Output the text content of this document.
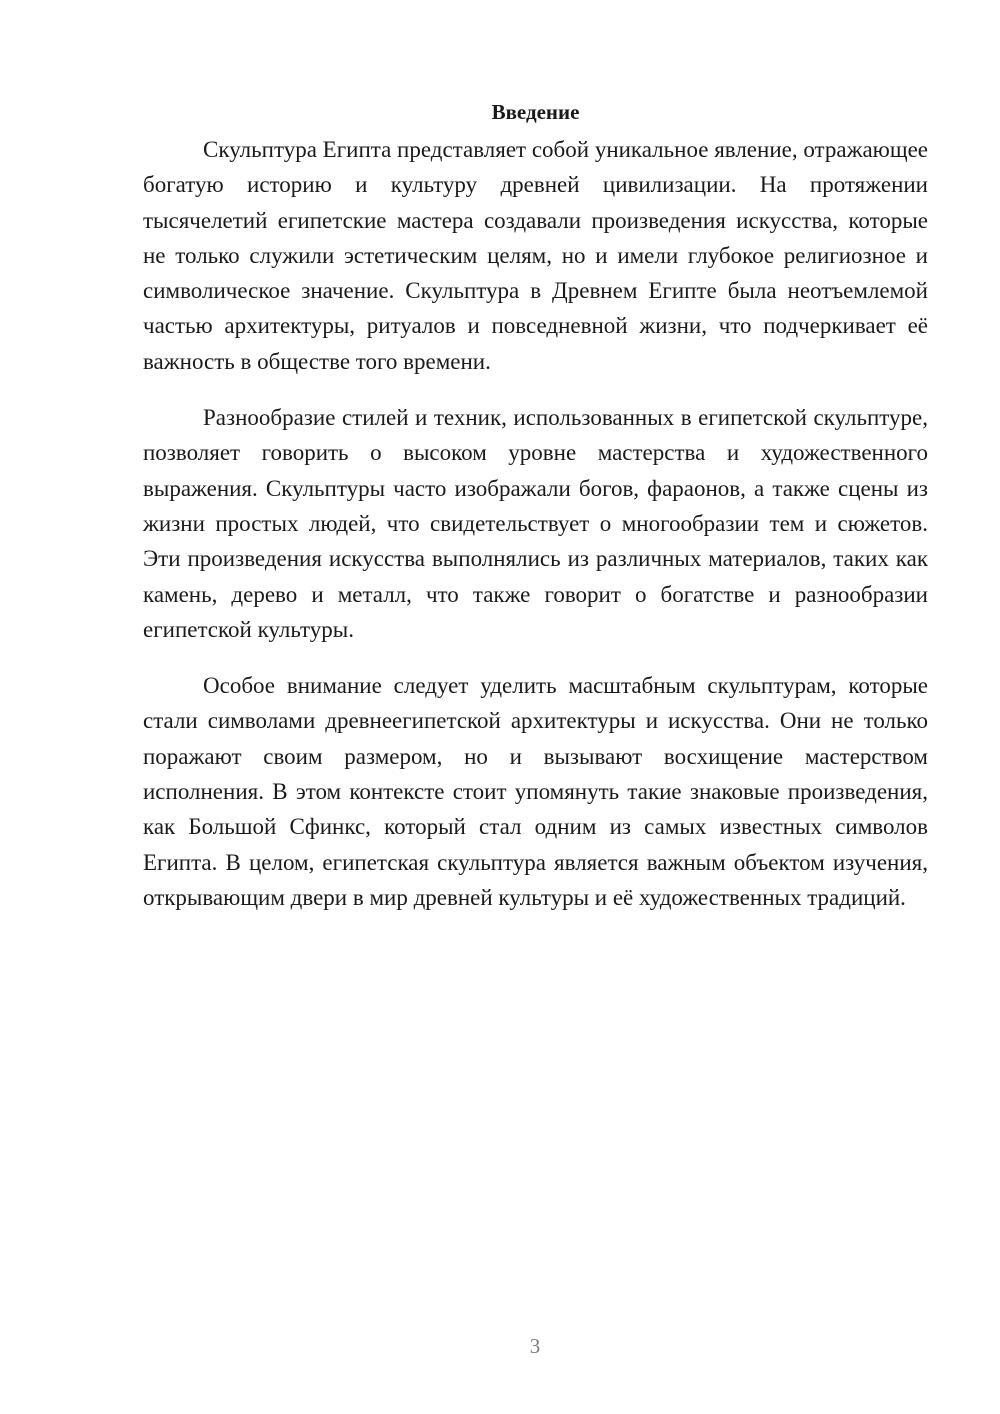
Введение

Скульптура Египта представляет собой уникальное явление, отражающее богатую историю и культуру древней цивилизации. На протяжении тысячелетий египетские мастера создавали произведения искусства, которые не только служили эстетическим целям, но и имели глубокое религиозное и символическое значение. Скульптура в Древнем Египте была неотъемлемой частью архитектуры, ритуалов и повседневной жизни, что подчеркивает её важность в обществе того времени.

Разнообразие стилей и техник, использованных в египетской скульптуре, позволяет говорить о высоком уровне мастерства и художественного выражения. Скульптуры часто изображали богов, фараонов, а также сцены из жизни простых людей, что свидетельствует о многообразии тем и сюжетов. Эти произведения искусства выполнялись из различных материалов, таких как камень, дерево и металл, что также говорит о богатстве и разнообразии египетской культуры.

Особое внимание следует уделить масштабным скульптурам, которые стали символами древнеегипетской архитектуры и искусства. Они не только поражают своим размером, но и вызывают восхищение мастерством исполнения. В этом контексте стоит упомянуть такие знаковые произведения, как Большой Сфинкс, который стал одним из самых известных символов Египта. В целом, египетская скульптура является важным объектом изучения, открывающим двери в мир древней культуры и её художественных традиций.

3
